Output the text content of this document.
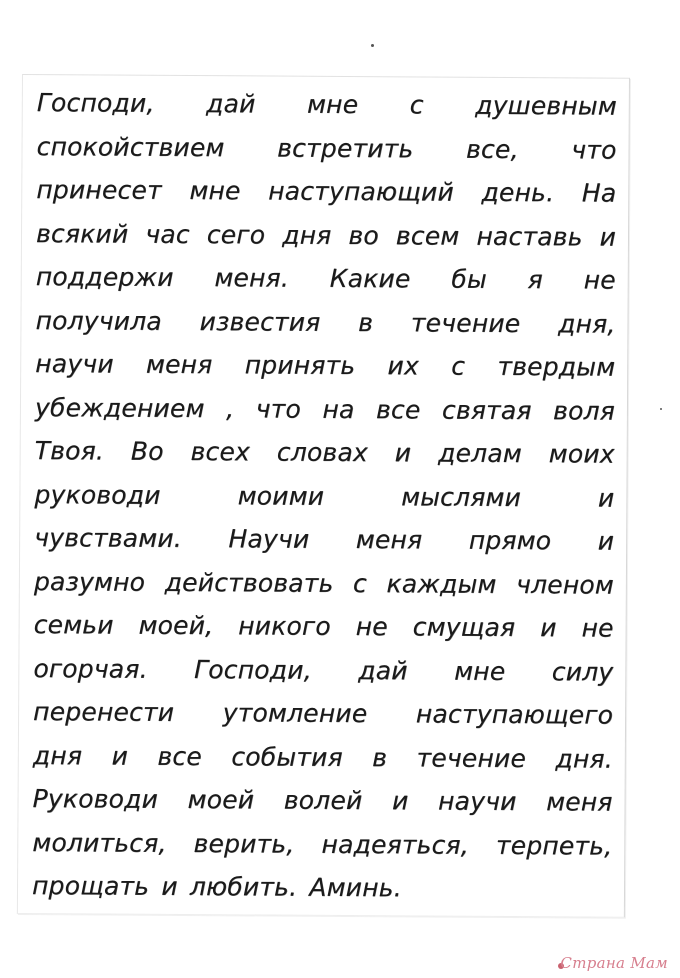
Господи, дай мне с душевным
спокойствием встретить все, что
принесет мне наступающий день. На
всякий час сего дня во всем наставь и
поддержи меня. Какие бы я не
получила известия в течение дня,
научи меня принять их с твердым
убеждением , что на все святая воля
Твоя. Во всех словах и делам моих
руководи моими мыслями и
чувствами. Научи меня прямо и
разумно действовать с каждым членом
семьи моей, никого не смущая и не
огорчая. Господи, дай мне силу
перенести утомление наступающего
дня и все события в течение дня.
Руководи моей волей и научи меня
молиться, верить, надеяться, терпеть,
прощать и любить. Аминь.
Страна Мам
